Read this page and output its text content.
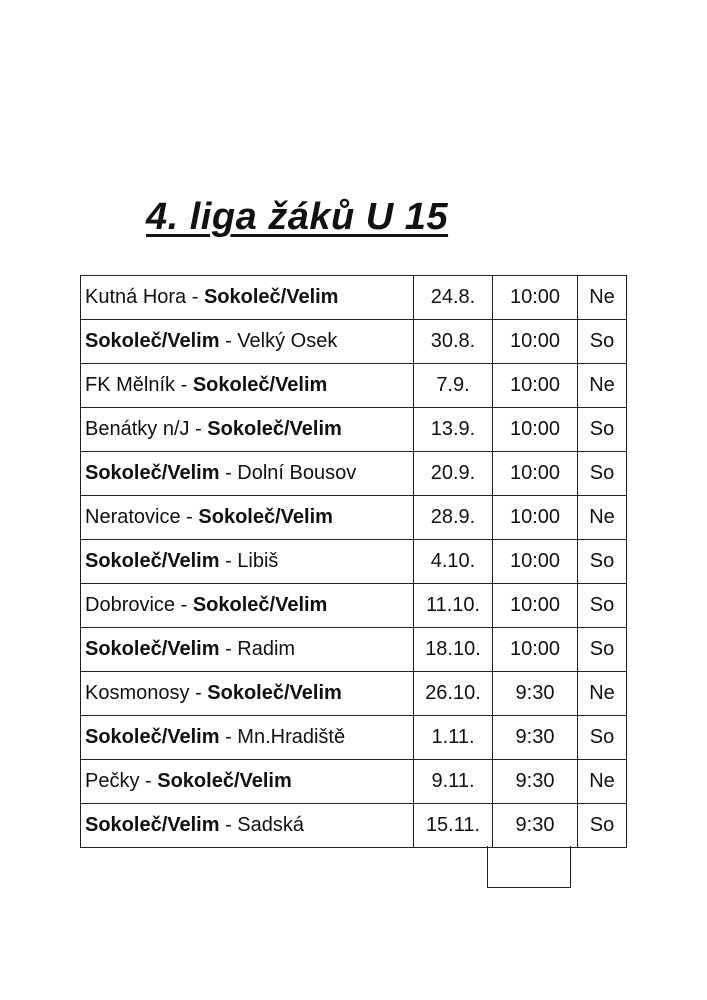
4. liga žáků U 15
Kutná Hora - Sokoleč/Velim	24.8.	10:00	Ne
Sokoleč/Velim - Velký Osek	30.8.	10:00	So
FK Mělník - Sokoleč/Velim	7.9.	10:00	Ne
Benátky n/J - Sokoleč/Velim	13.9.	10:00	So
Sokoleč/Velim - Dolní Bousov	20.9.	10:00	So
Neratovice - Sokoleč/Velim	28.9.	10:00	Ne
Sokoleč/Velim - Libiš	4.10.	10:00	So
Dobrovice - Sokoleč/Velim	11.10.	10:00	So
Sokoleč/Velim - Radim	18.10.	10:00	So
Kosmonosy - Sokoleč/Velim	26.10.	9:30	Ne
Sokoleč/Velim - Mn.Hradiště	1.11.	9:30	So
Pečky - Sokoleč/Velim	9.11.	9:30	Ne
Sokoleč/Velim - Sadská	15.11.	9:30	So
